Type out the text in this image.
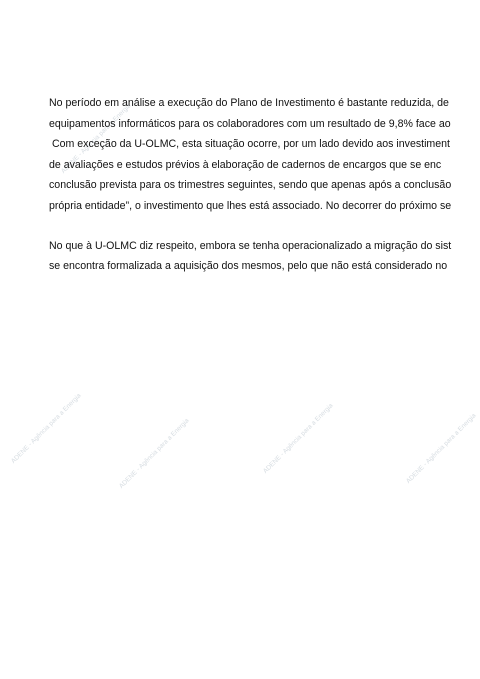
ADENE - Agência para a Energia
ADENE - Agência para a Energia	ADENE - Agência para a Energia	ADENE - Agência para a Energia	ADENE - Agência para a Energia
No período em análise a execução do Plano de Investimento é bastante reduzida, de
equipamentos informáticos para os colaboradores com um resultado de 9,8% face ao
Com exceção da U-OLMC, esta situação ocorre, por um lado devido aos investiment
de avaliações e estudos prévios à elaboração de cadernos de encargos que se enc
conclusão prevista para os trimestres seguintes, sendo que apenas após a conclusão
própria entidade”, o investimento que lhes está associado. No decorrer do próximo se
No que à U-OLMC diz respeito, embora se tenha operacionalizado a migração do sist
se encontra formalizada a aquisição dos mesmos, pelo que não está considerado no
